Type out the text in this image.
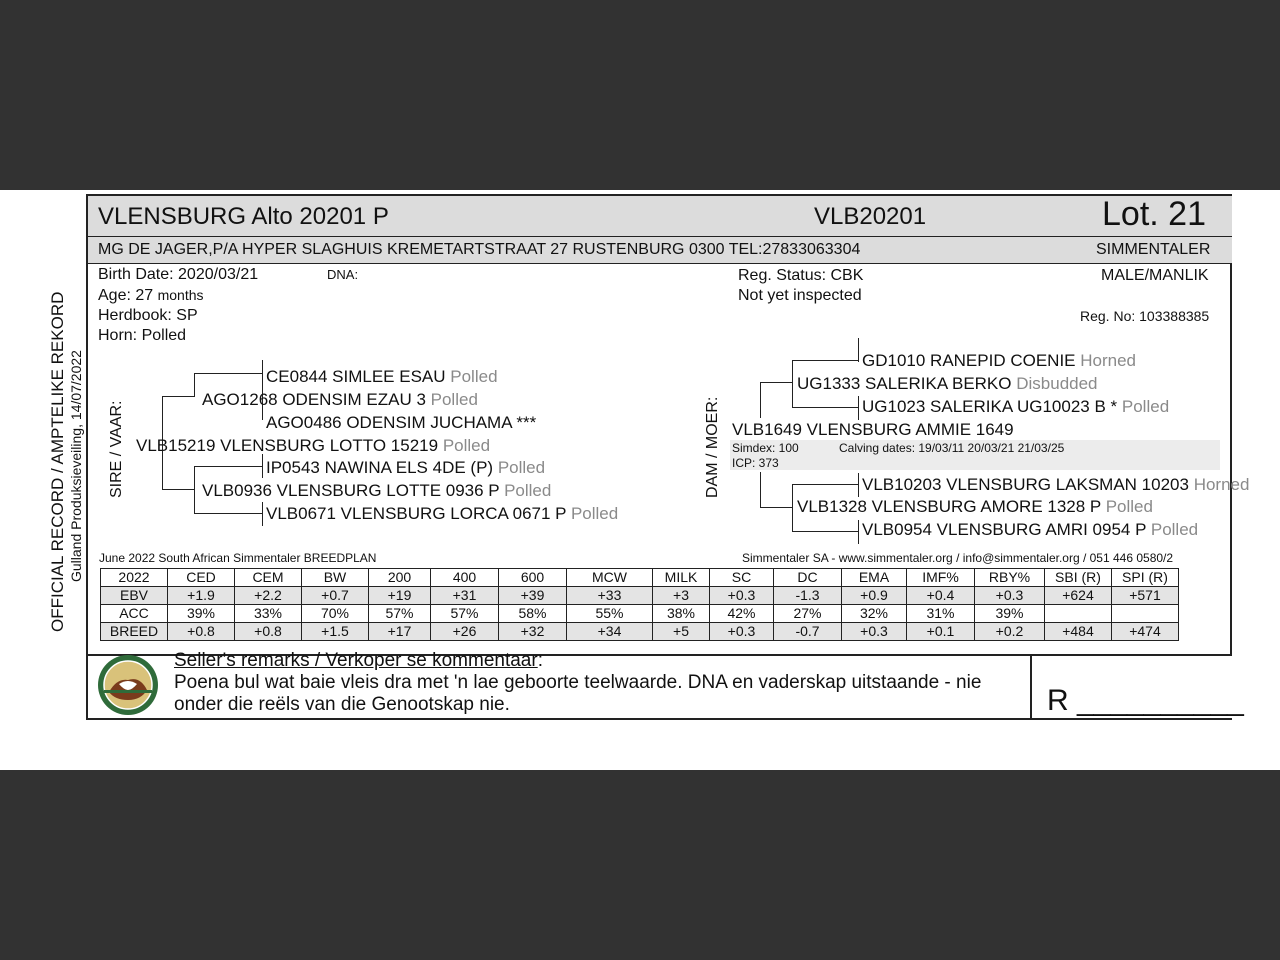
OFFICIAL RECORD / AMPTELIKE REKORD Gulland Produksieveiling, 14/07/2022
VLENSBURG Alto 20201 P	VLB20201	Lot. 21
MG DE JAGER,P/A HYPER SLAGHUIS KREMETARTSTRAAT 27 RUSTENBURG 0300 TEL:27833063304	SIMMENTALER
Birth Date: 2020/03/21	DNA:
Age: 27 months
Herdbook: SP
Horn: Polled
Reg. Status: CBK
Not yet inspected
MALE/MANLIK
Reg. No: 103388385
SIRE / VAAR:
CE0844 SIMLEE ESAU Polled
AGO1268 ODENSIM EZAU 3 Polled
AGO0486 ODENSIM JUCHAMA ***
VLB15219 VLENSBURG LOTTO 15219 Polled
IP0543 NAWINA ELS 4DE (P) Polled
VLB0936 VLENSBURG LOTTE 0936 P Polled
VLB0671 VLENSBURG LORCA 0671 P Polled
DAM / MOER:
GD1010 RANEPID COENIE Horned
UG1333 SALERIKA BERKO Disbudded
UG1023 SALERIKA UG10023 B * Polled
VLB1649 VLENSBURG AMMIE 1649
Simdex: 100	Calving dates: 19/03/11 20/03/21 21/03/25
ICP: 373
VLB10203 VLENSBURG LAKSMAN 10203 Horned
VLB1328 VLENSBURG AMORE 1328 P Polled
VLB0954 VLENSBURG AMRI 0954 P Polled
June 2022 South African Simmentaler BREEDPLAN	Simmentaler SA - www.simmentaler.org / info@simmentaler.org / 051 446 0580/2
2022	CED	CEM	BW	200	400	600	MCW	MILK	SC	DC	EMA	IMF%	RBY%	SBI (R)	SPI (R)
EBV	+1.9	+2.2	+0.7	+19	+31	+39	+33	+3	+0.3	-1.3	+0.9	+0.4	+0.3	+624	+571
ACC	39%	33%	70%	57%	57%	58%	55%	38%	42%	27%	32%	31%	39%		
BREED	+0.8	+0.8	+1.5	+17	+26	+32	+34	+5	+0.3	-0.7	+0.3	+0.1	+0.2	+484	+474
Seller's remarks / Verkoper se kommentaar:
Poena bul wat baie vleis dra met 'n lae geboorte teelwaarde. DNA en vaderskap uitstaande - nie
onder die reëls van die Genootskap nie.	R __________
